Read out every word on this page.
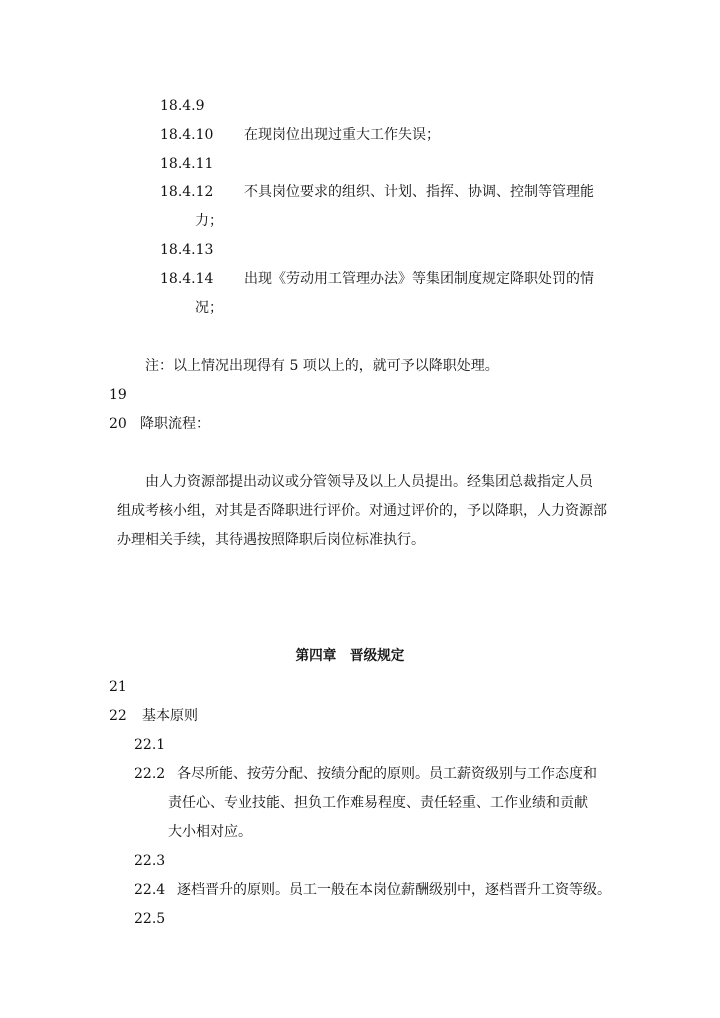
18.4.9
18.4.10 在现岗位出现过重大工作失误；
18.4.11
18.4.12 不具岗位要求的组织、计划、指挥、协调、控制等管理能
力；
18.4.13
18.4.14 出现《劳动用工管理办法》等集团制度规定降职处罚的情
况；
注：以上情况出现得有 5 项以上的，就可予以降职处理。
19
20 降职流程：
由人力资源部提出动议或分管领导及以上人员提出。经集团总裁指定人员
组成考核小组，对其是否降职进行评价。对通过评价的，予以降职，人力资源部
办理相关手续，其待遇按照降职后岗位标准执行。
第四章　晋级规定
21
22 基本原则
22.1
22.2 各尽所能、按劳分配、按绩分配的原则。员工薪资级别与工作态度和
责任心、专业技能、担负工作难易程度、责任轻重、工作业绩和贡献
大小相对应。
22.3
22.4 逐档晋升的原则。员工一般在本岗位薪酬级别中，逐档晋升工资等级。
22.5
